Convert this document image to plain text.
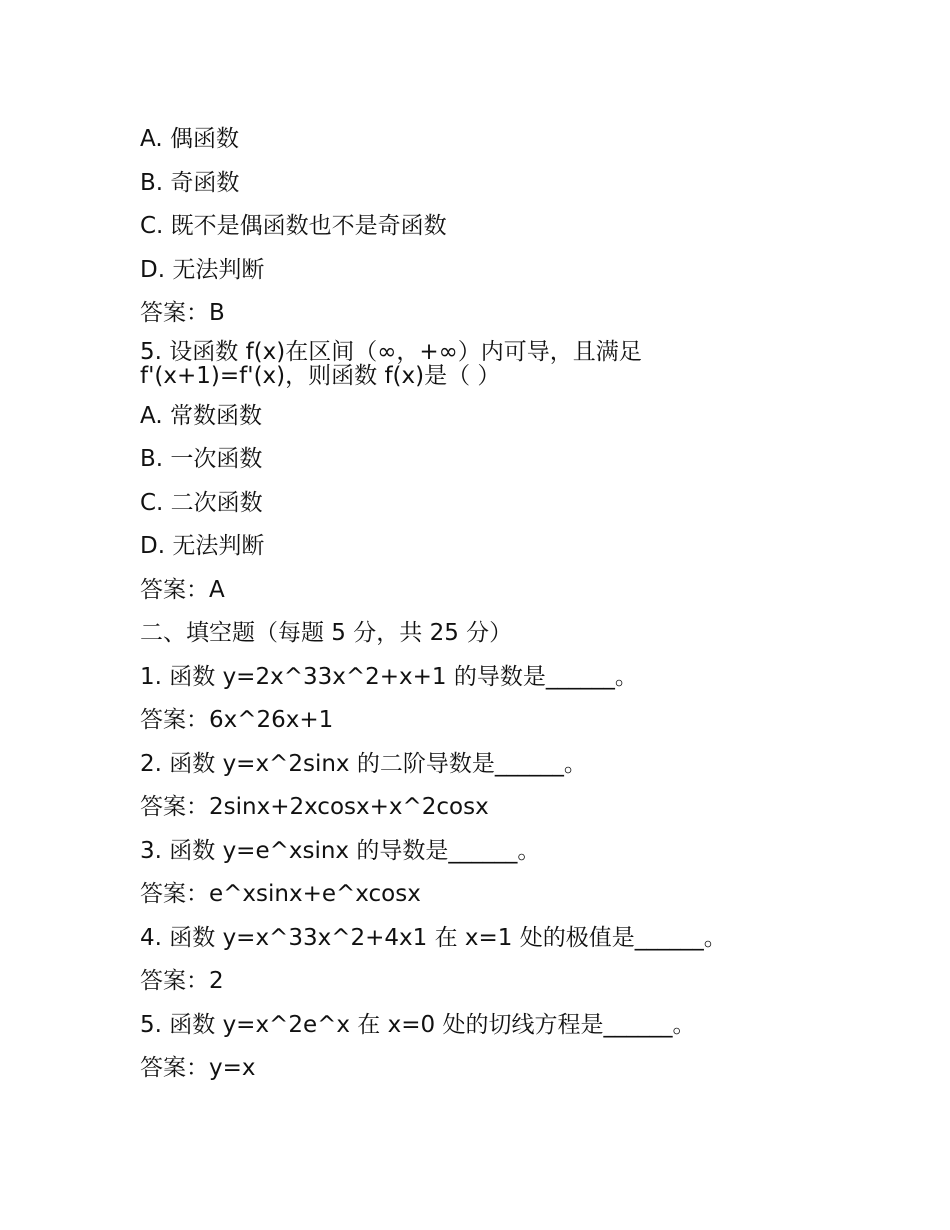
A. 偶函数
B. 奇函数
C. 既不是偶函数也不是奇函数
D. 无法判断
答案：B
5. 设函数 f(x)在区间（∞，+∞）内可导，且满足 f'(x+1)=f'(x)，则函数 f(x)是（ ）
A. 常数函数
B. 一次函数
C. 二次函数
D. 无法判断
答案：A
二、填空题（每题 5 分，共 25 分）
1. 函数 y=2x^33x^2+x+1 的导数是______。
答案：6x^26x+1
2. 函数 y=x^2sinx 的二阶导数是______。
答案：2sinx+2xcosx+x^2cosx
3. 函数 y=e^xsinx 的导数是______。
答案：e^xsinx+e^xcosx
4. 函数 y=x^33x^2+4x1 在 x=1 处的极值是______。
答案：2
5. 函数 y=x^2e^x 在 x=0 处的切线方程是______。
答案：y=x
